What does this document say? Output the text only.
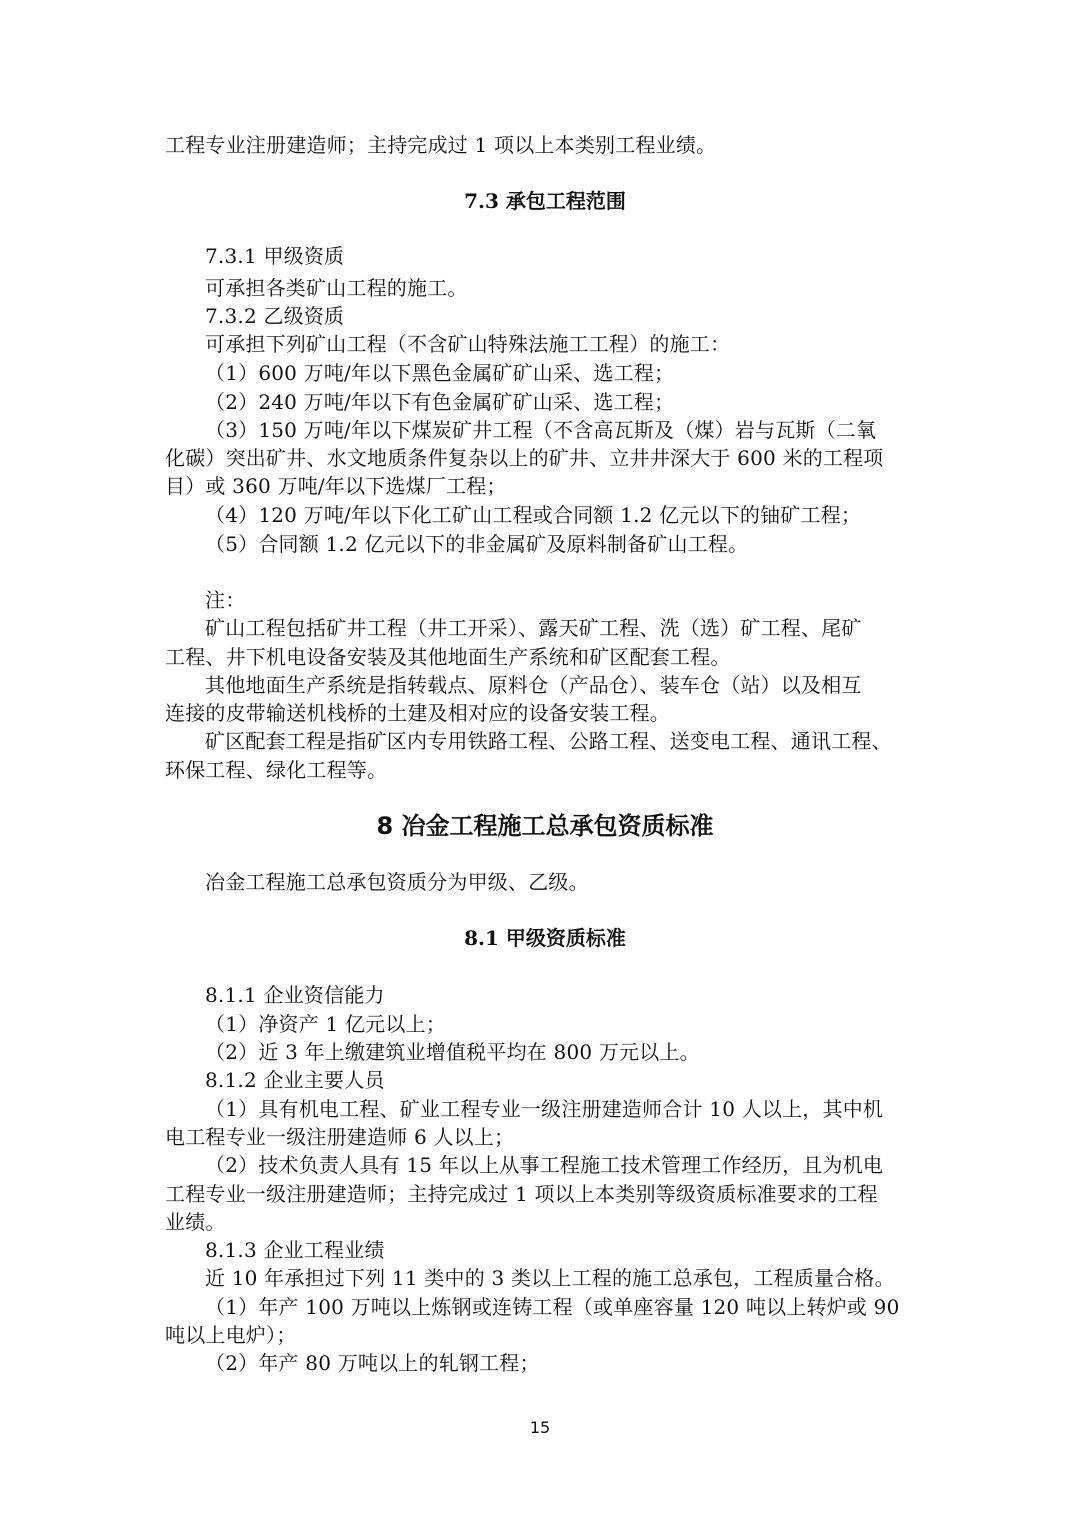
工程专业注册建造师；主持完成过 1 项以上本类别工程业绩。
7.3 承包工程范围
7.3.1 甲级资质
可承担各类矿山工程的施工。
7.3.2 乙级资质
可承担下列矿山工程（不含矿山特殊法施工工程）的施工：
（1）600 万吨/年以下黑色金属矿矿山采、选工程；
（2）240 万吨/年以下有色金属矿矿山采、选工程；
（3）150 万吨/年以下煤炭矿井工程（不含高瓦斯及（煤）岩与瓦斯（二氧
化碳）突出矿井、水文地质条件复杂以上的矿井、立井井深大于 600 米的工程项
目）或 360 万吨/年以下选煤厂工程；
（4）120 万吨/年以下化工矿山工程或合同额 1.2 亿元以下的铀矿工程；
（5）合同额 1.2 亿元以下的非金属矿及原料制备矿山工程。
注：
矿山工程包括矿井工程（井工开采）、露天矿工程、洗（选）矿工程、尾矿
工程、井下机电设备安装及其他地面生产系统和矿区配套工程。
其他地面生产系统是指转载点、原料仓（产品仓）、装车仓（站）以及相互
连接的皮带输送机栈桥的土建及相对应的设备安装工程。
矿区配套工程是指矿区内专用铁路工程、公路工程、送变电工程、通讯工程、
环保工程、绿化工程等。
8 冶金工程施工总承包资质标准
冶金工程施工总承包资质分为甲级、乙级。
8.1 甲级资质标准
8.1.1 企业资信能力
（1）净资产 1 亿元以上；
（2）近 3 年上缴建筑业增值税平均在 800 万元以上。
8.1.2 企业主要人员
（1）具有机电工程、矿业工程专业一级注册建造师合计 10 人以上，其中机
电工程专业一级注册建造师 6 人以上；
（2）技术负责人具有 15 年以上从事工程施工技术管理工作经历，且为机电
工程专业一级注册建造师；主持完成过 1 项以上本类别等级资质标准要求的工程
业绩。
8.1.3 企业工程业绩
近 10 年承担过下列 11 类中的 3 类以上工程的施工总承包，工程质量合格。
（1）年产 100 万吨以上炼钢或连铸工程（或单座容量 120 吨以上转炉或 90
吨以上电炉）；
（2）年产 80 万吨以上的轧钢工程；
15
